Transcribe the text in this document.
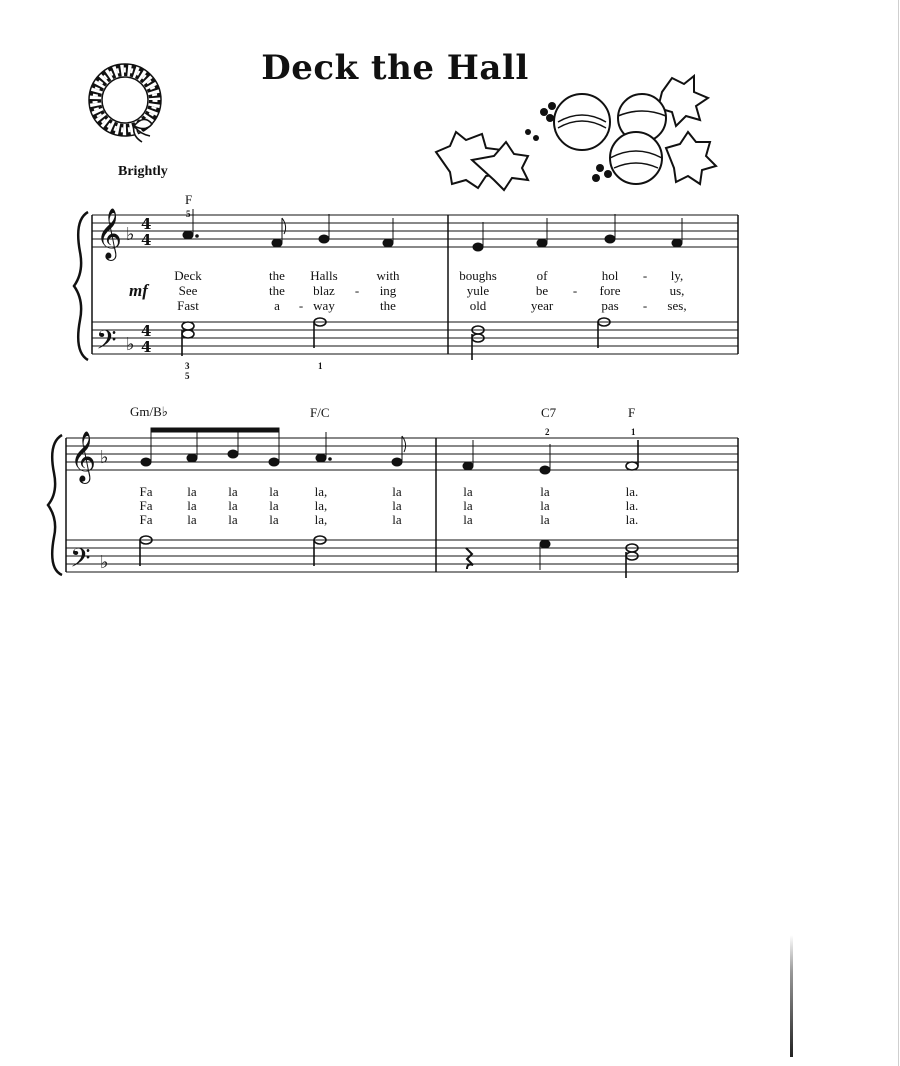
Deck the Hall
Brightly
F
5
mf
3
5
1
Deck	the Halls	with	boughs	of	hol - ly,
See	the blaz - ing	yule	be - fore	us,
Fast	a - way	the	old	year	pas - ses,
Gm/B♭	F/C	C7	F
2	1
Fa	la la la	la,	la	la	la	la.
Fa	la la la	la,	la	la	la	la.
Fa	la la la	la,	la	la	la	la.
𝄞
𝄢
♭
♭
4
4
4
4
𝄞
𝄢
♭
♭
